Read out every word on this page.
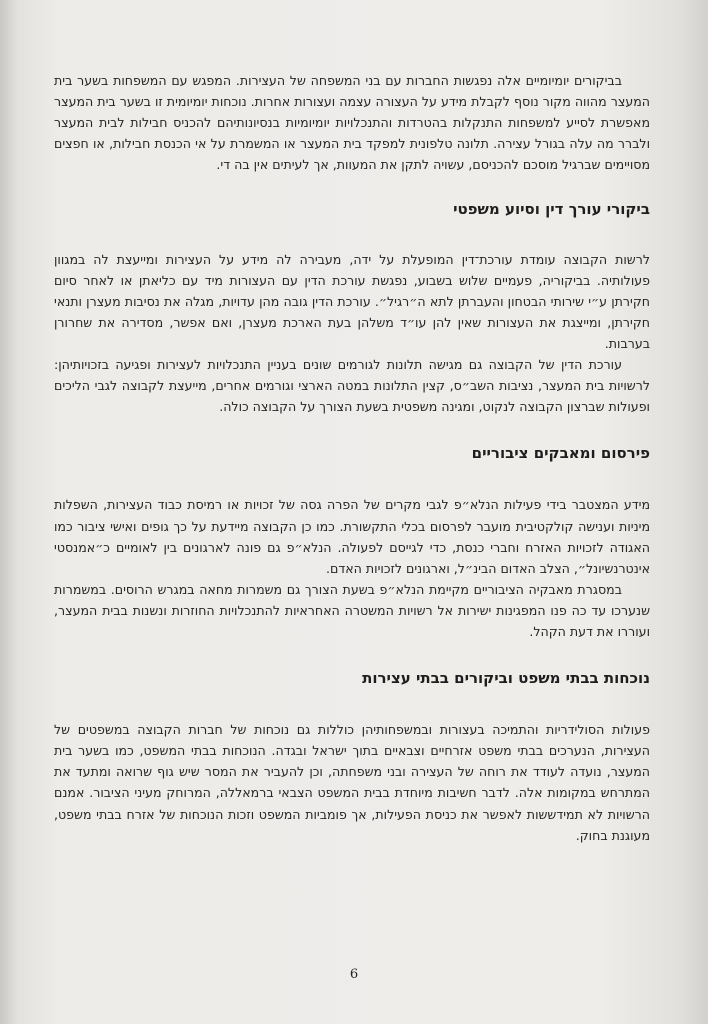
בביקורים יומיומיים אלה נפגשות החברות עם בני המשפחה של העצירות. המפגש עם המשפחות בשער בית המעצר מהווה מקור נוסף לקבלת מידע על העצורה עצמה ועצורות אחרות. נוכחות יומיומית זו בשער בית המעצר מאפשרת לסייע למשפחות התנקלות בהטרדות והתנכלויות יומיומיות בנסיונותיהם להכניס חבילות לבית המעצר ולברר מה עלה בגורל עצירה. תלונה טלפונית למפקד בית המעצר או המשמרת על אי הכנסת חבילות, או חפצים מסויימים שברגיל מוסכם להכניסם, עשויה לתקן את המעוות, אך לעיתים אין בה די.

ביקורי עורך דין וסיוע משפטי

לרשות הקבוצה עומדת עורכת־דין המופעלת על ידה, מעבירה לה מידע על העצירות ומייעצת לה במגוון פעולותיה. בביקוריה, פעמיים שלוש בשבוע, נפגשת עורכת הדין עם העצורות מיד עם כליאתן או לאחר סיום חקירתן ע״י שירותי הבטחון והעברתן לתא ה״רגיל״. עורכת הדין גובה מהן עדויות, מגלה את נסיבות מעצרן ותנאי חקירתן, ומייצגת את העצורות שאין להן עו״ד משלהן בעת הארכת מעצרן, ואם אפשר, מסדירה את שחרורן בערבות.

עורכת הדין של הקבוצה גם מגישה תלונות לגורמים שונים בעניין התנכלויות לעצירות ופגיעה בזכויותיהן: לרשויות בית המעצר, נציבות השב״ס, קצין התלונות במטה הארצי וגורמים אחרים, מייעצת לקבוצה לגבי הליכים ופעולות שברצון הקבוצה לנקוט, ומגינה משפטית בשעת הצורך על הקבוצה כולה.

פירסום ומאבקים ציבוריים

מידע המצטבר בידי פעילות הנלא״פ לגבי מקרים של הפרה גסה של זכויות או רמיסת כבוד העצירות, השפלות מיניות וענישה קולקטיבית מועבר לפרסום בכלי התקשורת. כמו כן הקבוצה מיידעת על כך גופים ואישי ציבור כמו האגודה לזכויות האזרח וחברי כנסת, כדי לגייסם לפעולה. הנלא״פ גם פונה לארגונים בין לאומיים כ״אמנסטי אינטרנשיונל״, הצלב האדום הבינ״ל, וארגונים לזכויות האדם.

במסגרת מאבקיה הציבוריים מקיימת הנלא״פ בשעת הצורך גם משמרות מחאה במגרש הרוסים. במשמרות שנערכו עד כה פנו המפגינות ישירות אל רשויות המשטרה האחראיות להתנכלויות החוזרות ונשנות בבית המעצר, ועוררו את דעת הקהל.

נוכחות בבתי משפט וביקורים בבתי עצירות

פעולות הסולידריות והתמיכה בעצורות ובמשפחותיהן כוללות גם נוכחות של חברות הקבוצה במשפטים של העצירות, הנערכים בבתי משפט אזרחיים וצבאיים בתוך ישראל ובגדה. הנוכחות בבתי המשפט, כמו בשער בית המעצר, נועדה לעודד את רוחה של העצירה ובני משפחתה, וכן להעביר את המסר שיש גוף שרואה ומתעד את המתרחש במקומות אלה. לדבר חשיבות מיוחדת בבית המשפט הצבאי ברמאללה, המרוחק מעיני הציבור. אמנם הרשויות לא תמידששות לאפשר את כניסת הפעילות, אך פומביות המשפט וזכות הנוכחות של אזרח בבתי משפט, מעוגנת בחוק.

6
